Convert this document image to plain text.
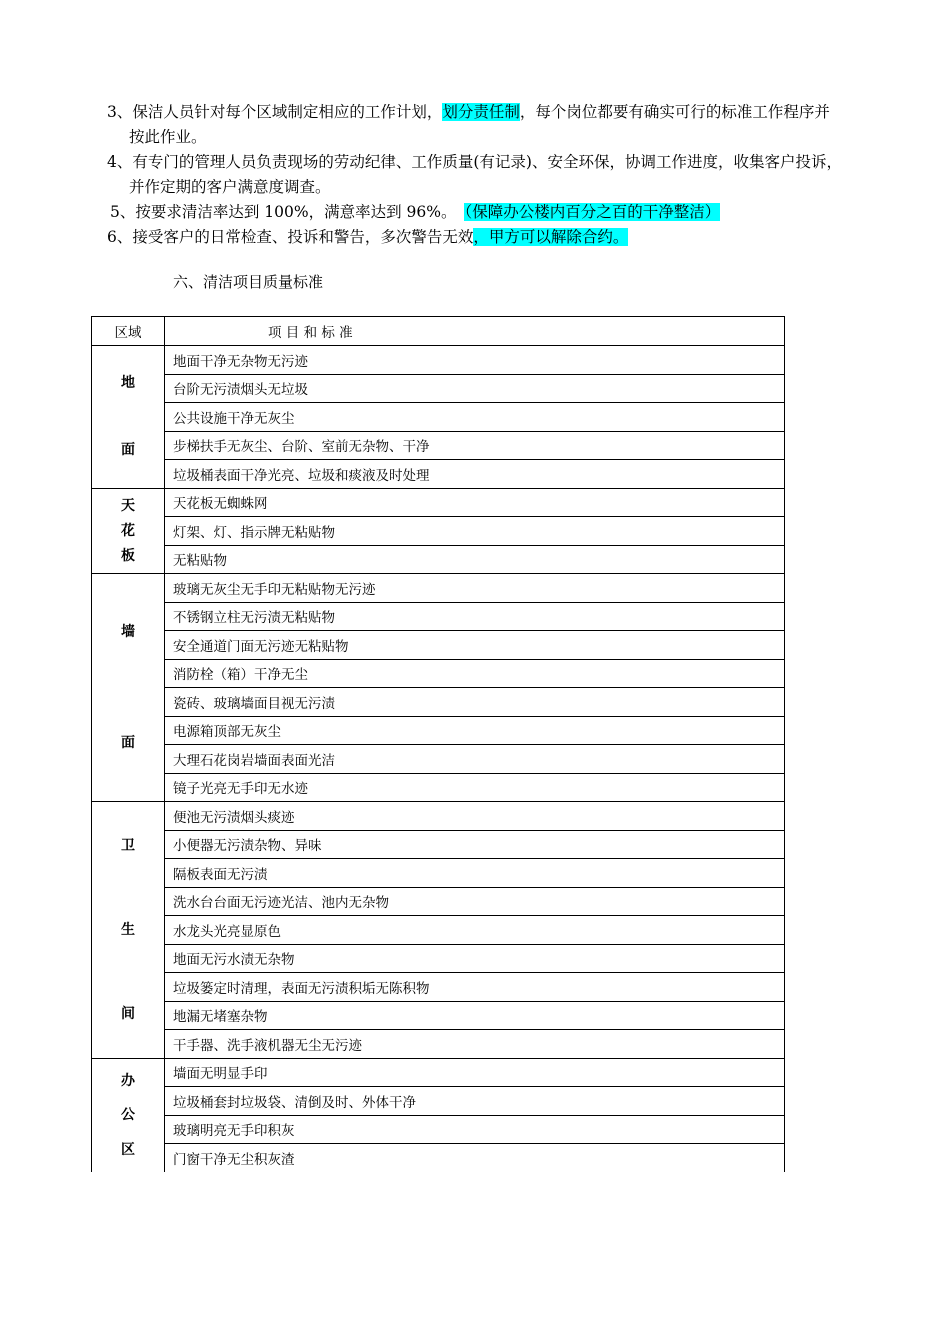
3、保洁人员针对每个区域制定相应的工作计划，划分责任制，每个岗位都要有确实可行的标准工作程序并
按此作业。
4、有专门的管理人员负责现场的劳动纪律、工作质量(有记录)、安全环保，协调工作进度，收集客户投诉，
并作定期的客户满意度调查。
5、按要求清洁率达到 100%，满意率达到 96%。 （保障办公楼内百分之百的干净整洁）
6、接受客户的日常检查、投诉和警告，多次警告无效，甲方可以解除合约。
六、清洁项目质量标准
区域	项 目 和 标 准

地
面	地面干净无杂物无污迹
	台阶无污渍烟头无垃圾
	公共设施干净无灰尘
	步梯扶手无灰尘、台阶、室前无杂物、干净
	垃圾桶表面干净光亮、垃圾和痰液及时处理

天
花
板	天花板无蜘蛛网
	灯架、灯、指示牌无粘贴物
	无粘贴物

墙
面	玻璃无灰尘无手印无粘贴物无污迹
	不锈钢立柱无污渍无粘贴物
	安全通道门面无污迹无粘贴物
	消防栓（箱）干净无尘
	瓷砖、玻璃墙面目视无污渍
	电源箱顶部无灰尘
	大理石花岗岩墙面表面光洁
	镜子光亮无手印无水迹

卫
生
间	便池无污渍烟头痰迹
	小便器无污渍杂物、异味
	隔板表面无污渍
	洗水台台面无污迹光洁、池内无杂物
	水龙头光亮显原色
	地面无污水渍无杂物
	垃圾篓定时清理，表面无污渍积垢无陈积物
	地漏无堵塞杂物
	干手器、洗手液机器无尘无污迹

办
公
区	墙面无明显手印
	垃圾桶套封垃圾袋、清倒及时、外体干净
	玻璃明亮无手印积灰
	门窗干净无尘积灰渣
